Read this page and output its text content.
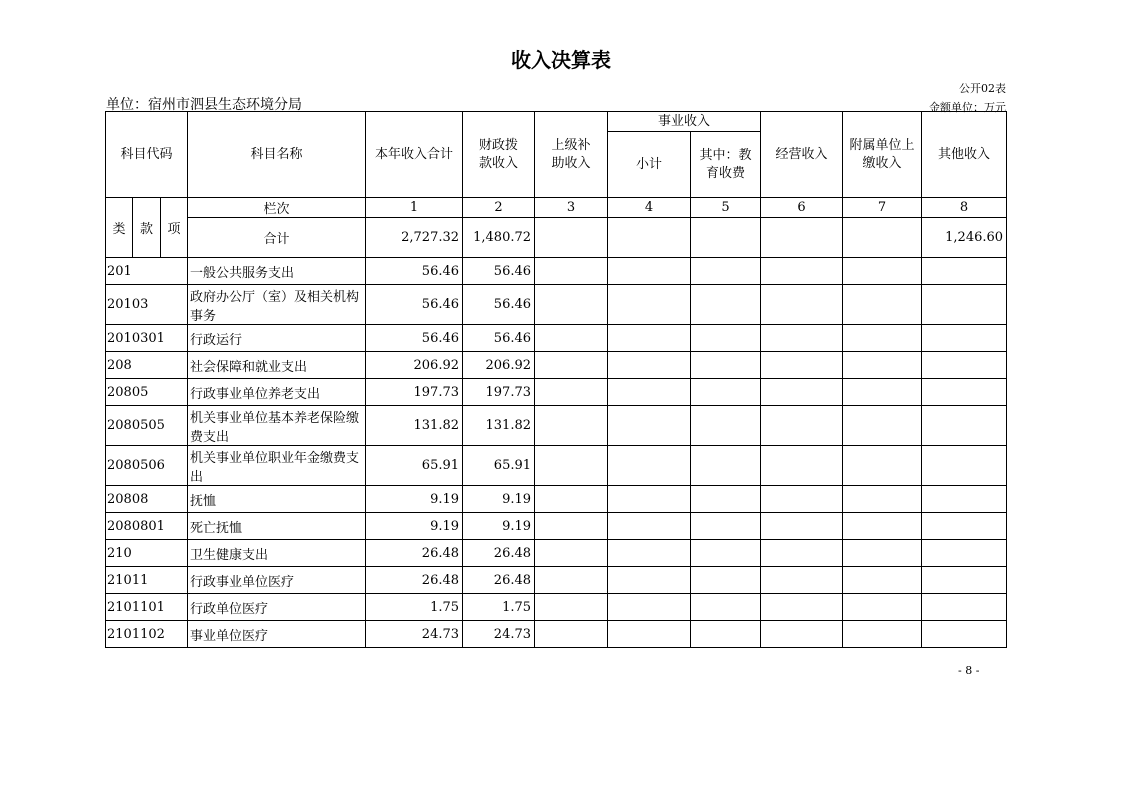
收入决算表
公开02表
单位：宿州市泗县生态环境分局	金额单位：万元
科目代码			科目名称	本年收入合计	财政拨款收入	上级补助收入	事业收入		经营收入	附属单位上缴收入	其他收入
							小计	其中：教育收费			
类	款	项	栏次	1	2	3	4	5	6	7	8
			合计	2,727.32	1,480.72						1,246.60
201			一般公共服务支出	56.46	56.46						
20103			政府办公厅（室）及相关机构事务	56.46	56.46						
2010301			行政运行	56.46	56.46						
208			社会保障和就业支出	206.92	206.92						
20805			行政事业单位养老支出	197.73	197.73						
2080505			机关事业单位基本养老保险缴费支出	131.82	131.82						
2080506			机关事业单位职业年金缴费支出	65.91	65.91						
20808			抚恤	9.19	9.19						
2080801			死亡抚恤	9.19	9.19						
210			卫生健康支出	26.48	26.48						
21011			行政事业单位医疗	26.48	26.48						
2101101			行政单位医疗	1.75	1.75						
2101102			事业单位医疗	24.73	24.73						
- 8 -
